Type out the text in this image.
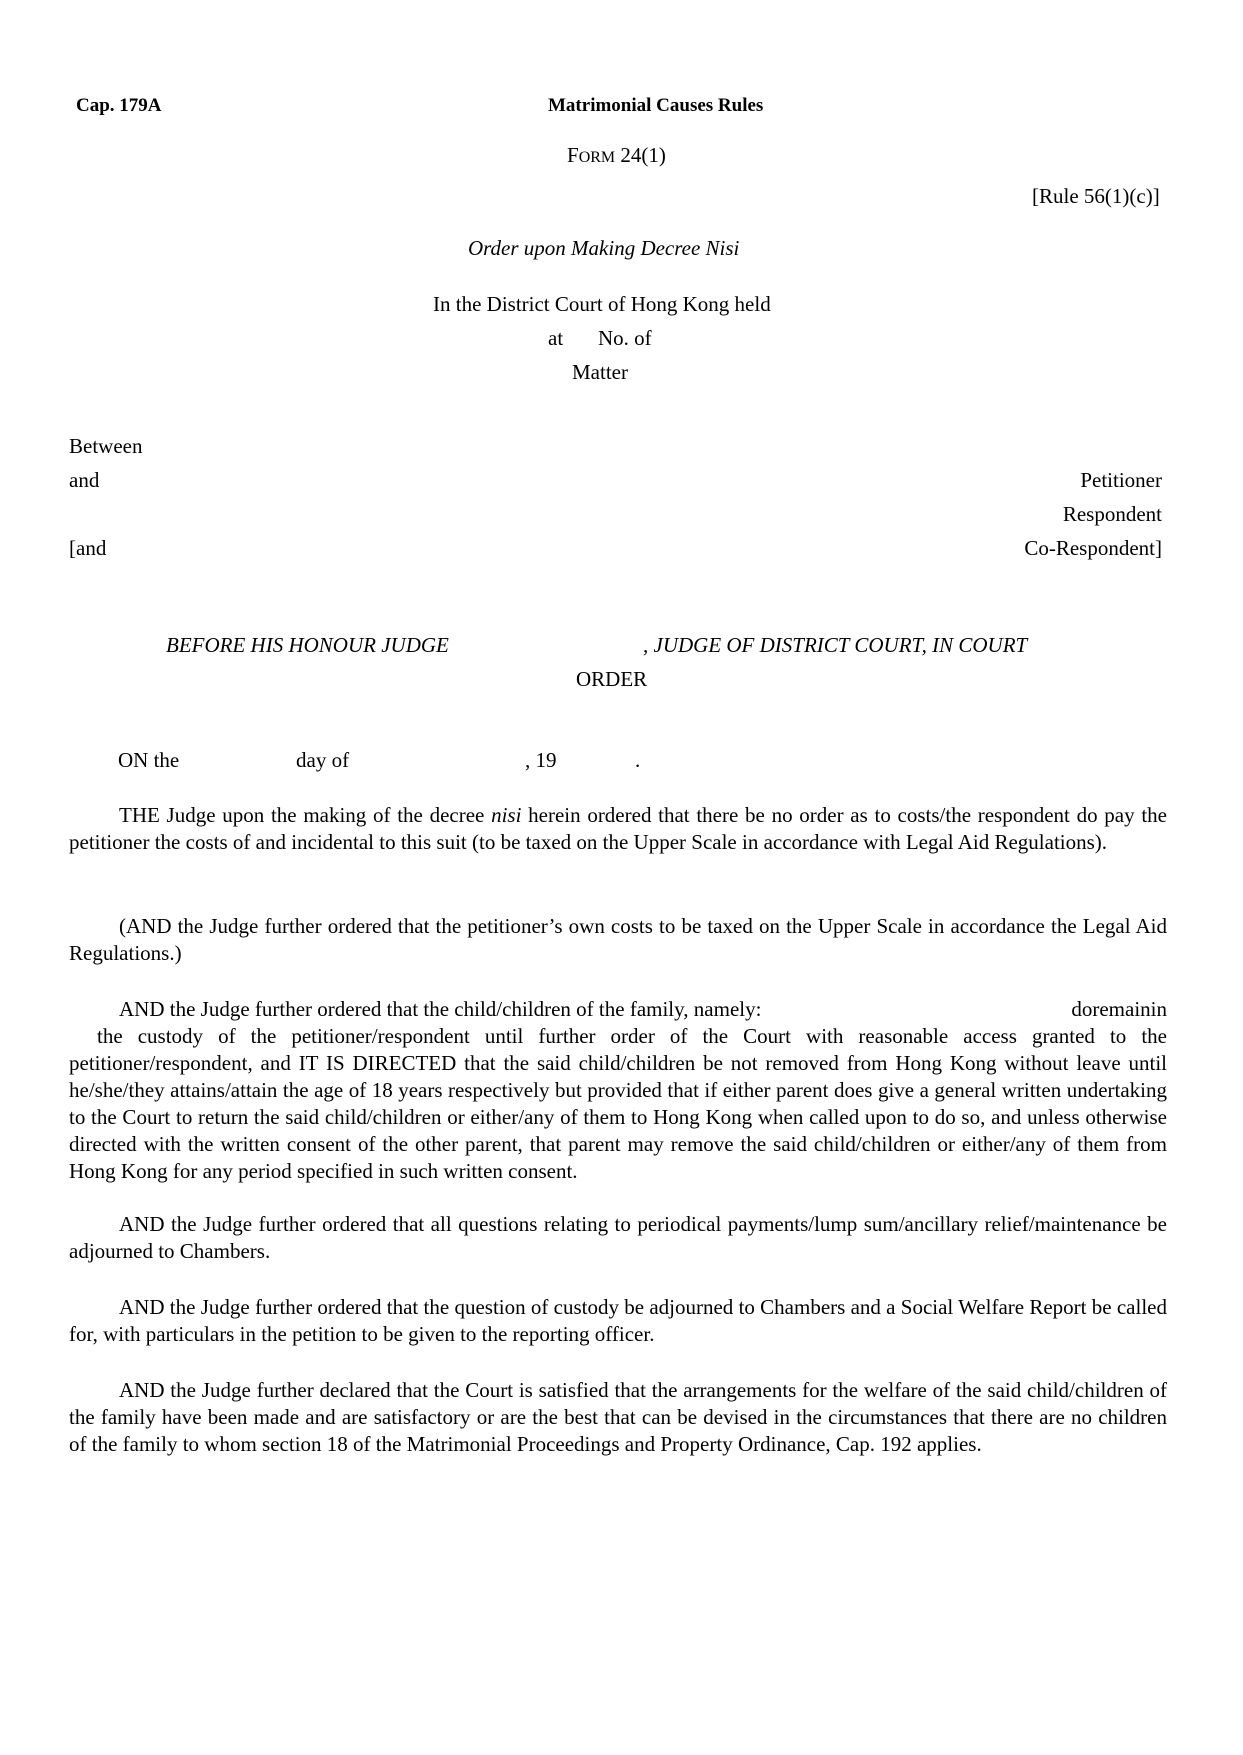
Cap. 179A	Matrimonial Causes Rules
FORM 24(1)
[Rule 56(1)(c)]
Order upon Making Decree Nisi
In the District Court of Hong Kong held
at No. of
Matter
Between
and
[and
Petitioner
Respondent
Co-Respondent]
BEFORE HIS HONOUR JUDGE	, JUDGE OF DISTRICT COURT, IN COURT
ORDER
ON the	day of	, 19	.
THE Judge upon the making of the decree nisi herein ordered that there be no order as to costs/the respondent do pay the petitioner the costs of and incidental to this suit (to be taxed on the Upper Scale in accordance with Legal Aid Regulations).
(AND the Judge further ordered that the petitioner’s own costs to be taxed on the Upper Scale in accordance the Legal Aid Regulations.)
AND the Judge further ordered that the child/children of the family, namely:	do remain in
the custody of the petitioner/respondent until further order of the Court with reasonable access granted to the petitioner/respondent, and IT IS DIRECTED that the said child/children be not removed from Hong Kong without leave until he/she/they attains/attain the age of 18 years respectively but provided that if either parent does give a general written undertaking to the Court to return the said child/children or either/any of them to Hong Kong when called upon to do so, and unless otherwise directed with the written consent of the other parent, that parent may remove the said child/children or either/any of them from Hong Kong for any period specified in such written consent.
AND the Judge further ordered that all questions relating to periodical payments/lump sum/ancillary relief/maintenance be adjourned to Chambers.
AND the Judge further ordered that the question of custody be adjourned to Chambers and a Social Welfare Report be called for, with particulars in the petition to be given to the reporting officer.
AND the Judge further declared that the Court is satisfied that the arrangements for the welfare of the said child/children of the family have been made and are satisfactory or are the best that can be devised in the circumstances that there are no children of the family to whom section 18 of the Matrimonial Proceedings and Property Ordinance, Cap. 192 applies.
